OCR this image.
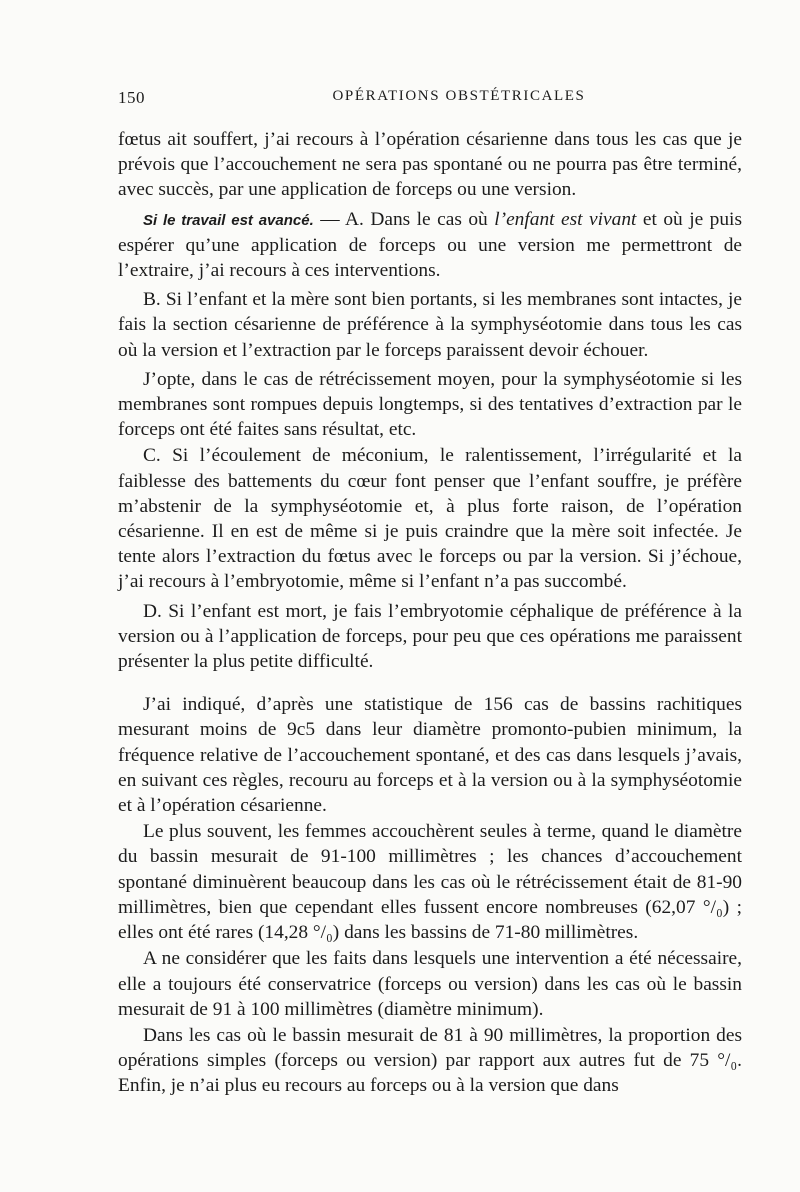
150	OPÉRATIONS OBSTÉTRICALES

fœtus ait souffert, j’ai recours à l’opération césarienne dans tous les cas que je prévois que l’accouchement ne sera pas spontané ou ne pourra pas être terminé, avec succès, par une application de forceps ou une version.

Si le travail est avancé. — A. Dans le cas où l’enfant est vivant et où je puis espérer qu’une application de forceps ou une version me permettront de l’extraire, j’ai recours à ces interventions.

B. Si l’enfant et la mère sont bien portants, si les membranes sont intactes, je fais la section césarienne de préférence à la symphyséotomie dans tous les cas où la version et l’extraction par le forceps paraissent devoir échouer.

J’opte, dans le cas de rétrécissement moyen, pour la symphyséotomie si les membranes sont rompues depuis longtemps, si des tentatives d’extraction par le forceps ont été faites sans résultat, etc.

C. Si l’écoulement de méconium, le ralentissement, l’irrégularité et la faiblesse des battements du cœur font penser que l’enfant souffre, je préfère m’abstenir de la symphyséotomie et, à plus forte raison, de l’opération césarienne. Il en est de même si je puis craindre que la mère soit infectée. Je tente alors l’extraction du fœtus avec le forceps ou par la version. Si j’échoue, j’ai recours à l’embryotomie, même si l’enfant n’a pas succombé.

D. Si l’enfant est mort, je fais l’embryotomie céphalique de préférence à la version ou à l’application de forceps, pour peu que ces opérations me paraissent présenter la plus petite difficulté.

J’ai indiqué, d’après une statistique de 156 cas de bassins rachitiques mesurant moins de 9c5 dans leur diamètre promonto-pubien minimum, la fréquence relative de l’accouchement spontané, et des cas dans lesquels j’avais, en suivant ces règles, recouru au forceps et à la version ou à la symphyséotomie et à l’opération césarienne.

Le plus souvent, les femmes accouchèrent seules à terme, quand le diamètre du bassin mesurait de 91-100 millimètres ; les chances d’accouchement spontané diminuèrent beaucoup dans les cas où le rétrécissement était de 81-90 millimètres, bien que cependant elles fussent encore nombreuses (62,07 °/₀) ; elles ont été rares (14,28 °/₀) dans les bassins de 71-80 millimètres.

A ne considérer que les faits dans lesquels une intervention a été nécessaire, elle a toujours été conservatrice (forceps ou version) dans les cas où le bassin mesurait de 91 à 100 millimètres (diamètre minimum).

Dans les cas où le bassin mesurait de 81 à 90 millimètres, la proportion des opérations simples (forceps ou version) par rapport aux autres fut de 75 °/₀. Enfin, je n’ai plus eu recours au forceps ou à la version que dans
